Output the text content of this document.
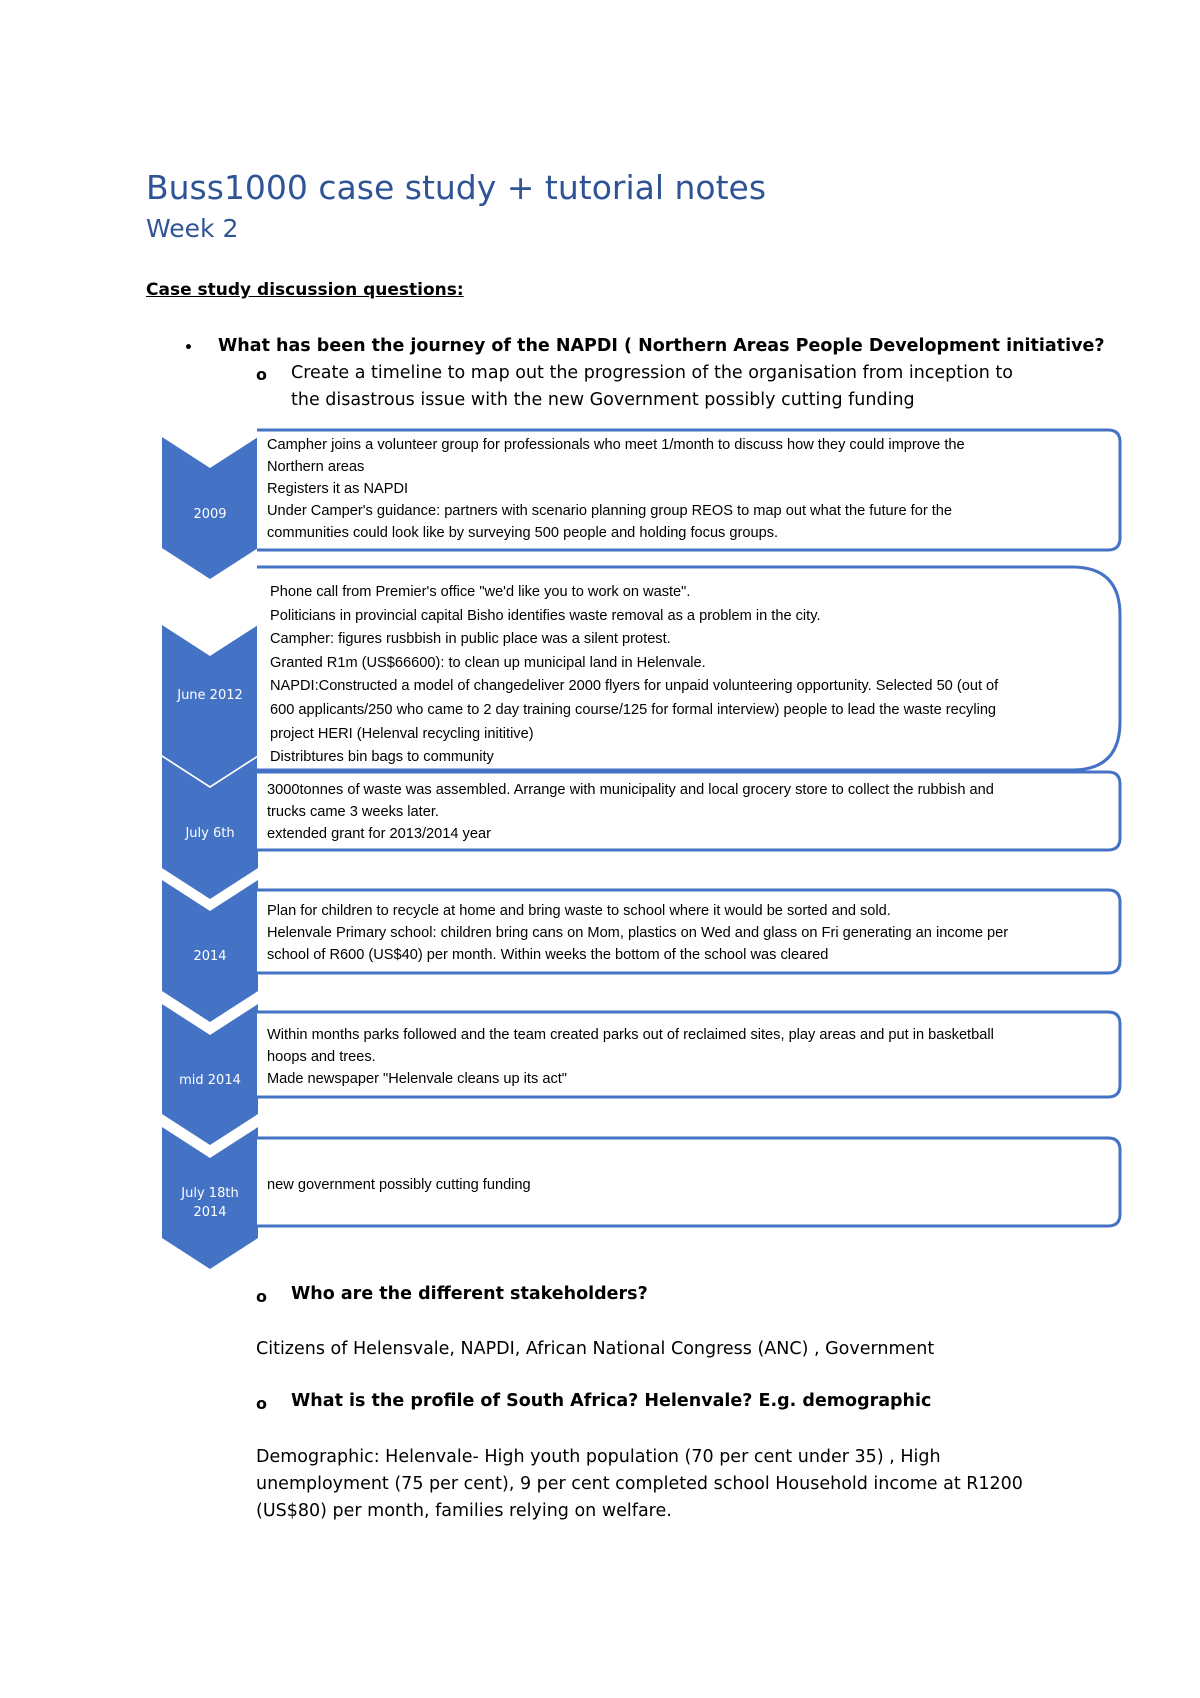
Buss1000 case study + tutorial notes
Week 2
Case study discussion questions:
• What has been the journey of the NAPDI ( Northern Areas People Development initiative?
o Create a timeline to map out the progression of the organisation from inception to
the disastrous issue with the new Government possibly cutting funding
2009
June 2012
July 6th
2014
mid 2014
July 18th
2014
Campher joins a volunteer group for professionals who meet 1/month to discuss how they could improve the
Northern areas
Registers it as NAPDI
Under Camper's guidance: partners with scenario planning group REOS to map out what the future for the
communities could look like by surveying 500 people and holding focus groups.
Phone call from Premier's office "we'd like you to work on waste".
Politicians in provincial capital Bisho identifies waste removal as a problem in the city.
Campher: figures rusbbish in public place was a silent protest.
Granted R1m (US$66600): to clean up municipal land in Helenvale.
NAPDI:Constructed a model of changedeliver 2000 flyers for unpaid volunteering opportunity. Selected 50 (out of
600 applicants/250 who came to 2 day training course/125 for formal interview) people to lead the waste recyling
project HERI (Helenval recycling inititive)
Distribtures bin bags to community
3000tonnes of waste was assembled. Arrange with municipality and local grocery store to collect the rubbish and
trucks came 3 weeks later.
extended grant for 2013/2014 year
Plan for children to recycle at home and bring waste to school where it would be sorted and sold.
Helenvale Primary school: children bring cans on Mom, plastics on Wed and glass on Fri generating an income per
school of R600 (US$40) per month. Within weeks the bottom of the school was cleared
Within months parks followed and the team created parks out of reclaimed sites, play areas and put in basketball
hoops and trees.
Made newspaper "Helenvale cleans up its act"
new government possibly cutting funding
o Who are the different stakeholders?
Citizens of Helensvale, NAPDI, African National Congress (ANC) , Government
o What is the profile of South Africa? Helenvale? E.g. demographic
Demographic: Helenvale- High youth population (70 per cent under 35) , High
unemployment (75 per cent), 9 per cent completed school Household income at R1200
(US$80) per month, families relying on welfare.
